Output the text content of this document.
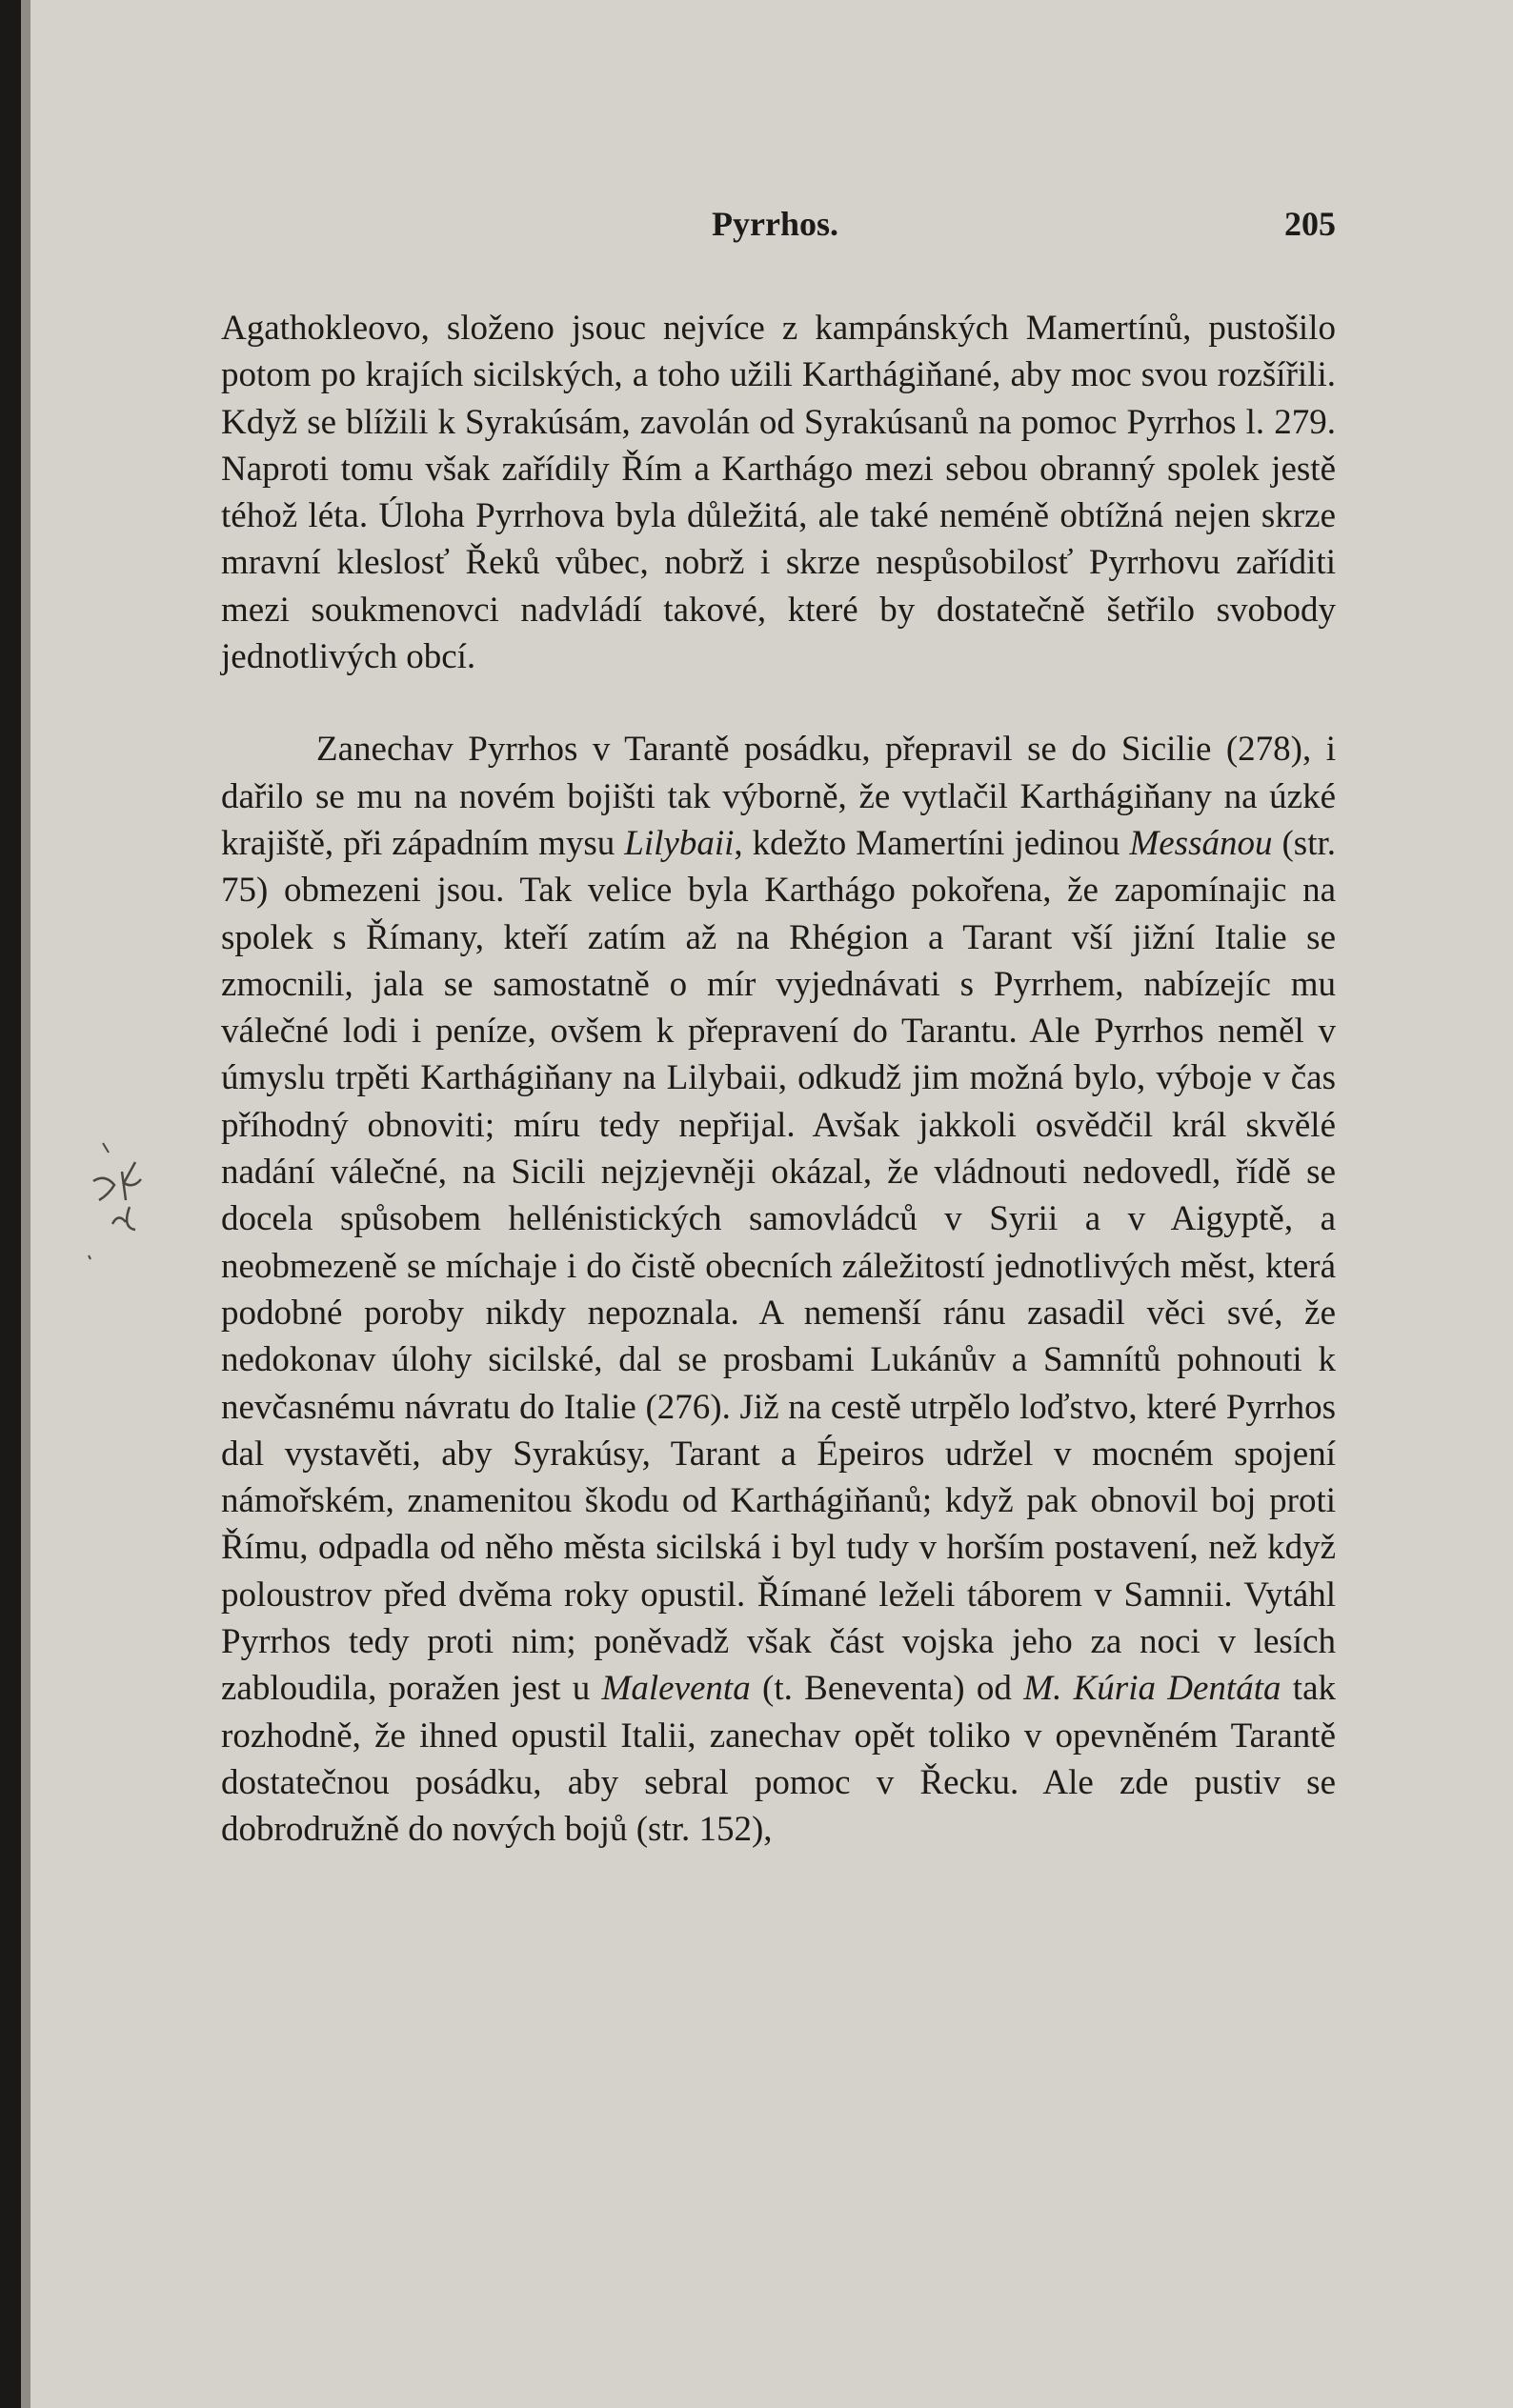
Pyrrhos.	205

Agathokleovo, složeno jsouc nejvíce z kampánských Mamertínů, pustošilo potom po krajích sicilských, a toho užili Karthágiňané, aby moc svou rozšířili. Když se blížili k Syrakúsám, zavolán od Syrakúsanů na pomoc Pyrrhos l. 279. Naproti tomu však zařídily Řím a Karthágo mezi sebou obranný spolek jestě téhož léta. Úloha Pyrrhova byla důležitá, ale také neméně obtížná nejen skrze mravní kleslosť Řeků vůbec, nobrž i skrze nespůsobilosť Pyrrhovu zaříditi mezi soukmenovci nadvládí takové, které by dostatečně šetřilo svobody jednotlivých obcí.

Zanechav Pyrrhos v Tarantě posádku, přepravil se do Sicilie (278), i dařilo se mu na novém bojišti tak výborně, že vytlačil Karthágiňany na úzké krajiště, při západním mysu Lilybaii, kdežto Mamertíni jedinou Messánou (str. 75) obmezeni jsou. Tak velice byla Karthágo pokořena, že zapomínajic na spolek s Římany, kteří zatím až na Rhégion a Tarant vší jižní Italie se zmocnili, jala se samostatně o mír vyjednávati s Pyrrhem, nabízejíc mu válečné lodi i peníze, ovšem k přepravení do Tarantu. Ale Pyrrhos neměl v úmyslu trpěti Karthágiňany na Lilybaii, odkudž jim možná bylo, výboje v čas příhodný obnoviti; míru tedy nepřijal. Avšak jakkoli osvědčil král skvělé nadání válečné, na Sicili nejzjevněji okázal, že vládnouti nedovedl, řídě se docela spůsobem hellénistických samovládců v Syrii a v Aigyptě, a neobmezeně se míchaje i do čistě obecních záležitostí jednotlivých měst, která podobné poroby nikdy nepoznala. A nemenší ránu zasadil věci své, že nedokonav úlohy sicilské, dal se prosbami Lukánův a Samnítů pohnouti k nevčasnému návratu do Italie (276). Již na cestě utrpělo loďstvo, které Pyrrhos dal vystavěti, aby Syrakúsy, Tarant a Épeiros udržel v mocném spojení námořském, znamenitou škodu od Karthágiňanů; když pak obnovil boj proti Římu, odpadla od něho města sicilská i byl tudy v horším postavení, než když poloustrov před dvěma roky opustil. Římané leželi táborem v Samnii. Vytáhl Pyrrhos tedy proti nim; poněvadž však část vojska jeho za noci v lesích zabloudila, poražen jest u Maleventa (t. Beneventa) od M. Kúria Dentáta tak rozhodně, že ihned opustil Italii, zanechav opět toliko v opevněném Tarantě dostatečnou posádku, aby sebral pomoc v Řecku. Ale zde pustiv se dobrodružně do nových bojů (str. 152),
